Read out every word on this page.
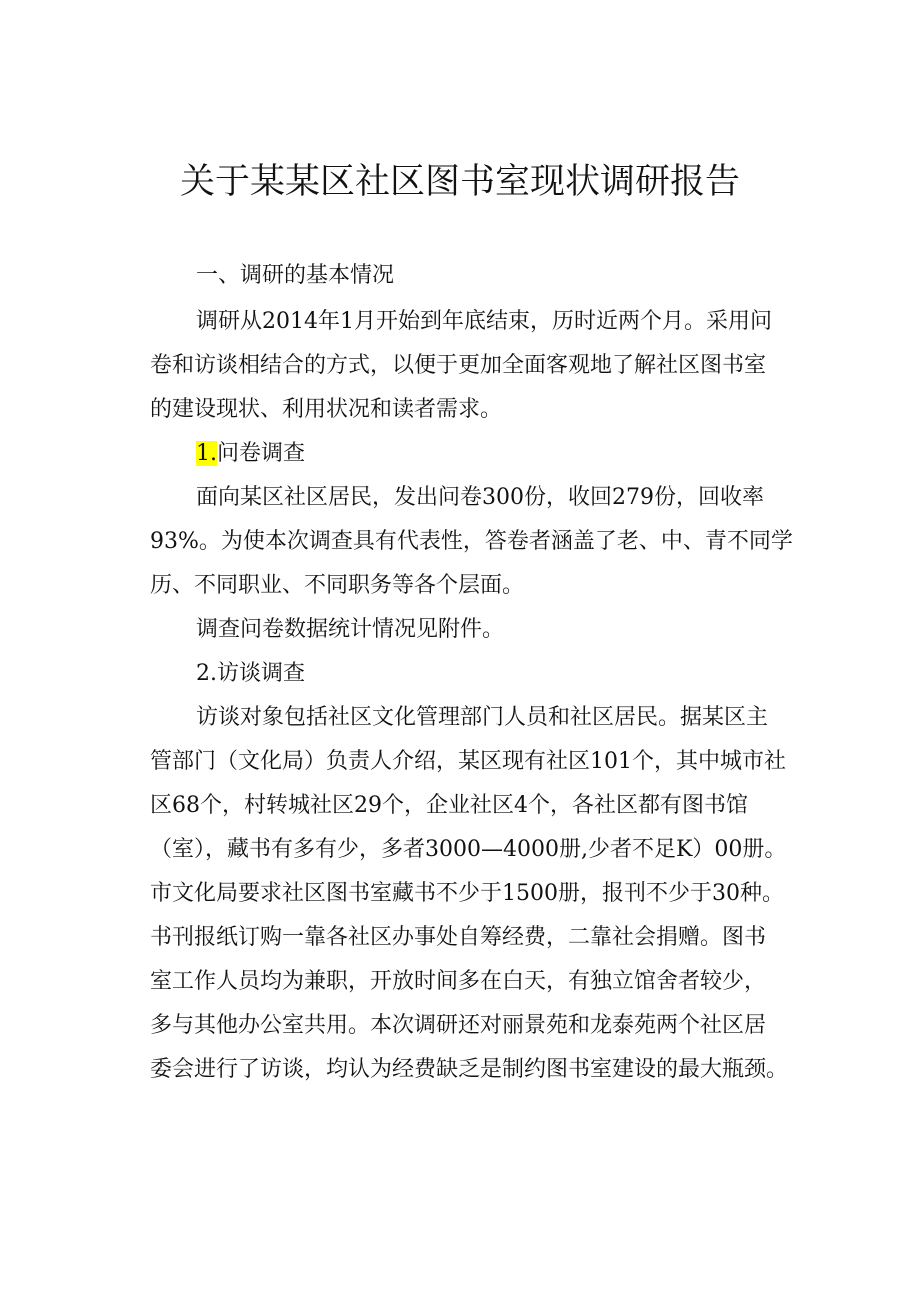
关于某某区社区图书室现状调研报告
一、调研的基本情况

调研从2014年1月开始到年底结束，历时近两个月。采用问

卷和访谈相结合的方式，以便于更加全面客观地了解社区图书室

的建设现状、利用状况和读者需求。

1.问卷调查

面向某区社区居民，发出问卷300份，收回279份，回收率

93%。为使本次调查具有代表性，答卷者涵盖了老、中、青不同学

历、不同职业、不同职务等各个层面。

调查问卷数据统计情况见附件。

2.访谈调查

访谈对象包括社区文化管理部门人员和社区居民。据某区主

管部门（文化局）负责人介绍，某区现有社区101个，其中城市社

区68个，村转城社区29个，企业社区4个，各社区都有图书馆

（室），藏书有多有少，多者3000—4000册,少者不足K）00册。

市文化局要求社区图书室藏书不少于1500册，报刊不少于30种。

书刊报纸订购一靠各社区办事处自筹经费，二靠社会捐赠。图书

室工作人员均为兼职，开放时间多在白天，有独立馆舍者较少，

多与其他办公室共用。本次调研还对丽景苑和龙泰苑两个社区居

委会进行了访谈，均认为经费缺乏是制约图书室建设的最大瓶颈。
